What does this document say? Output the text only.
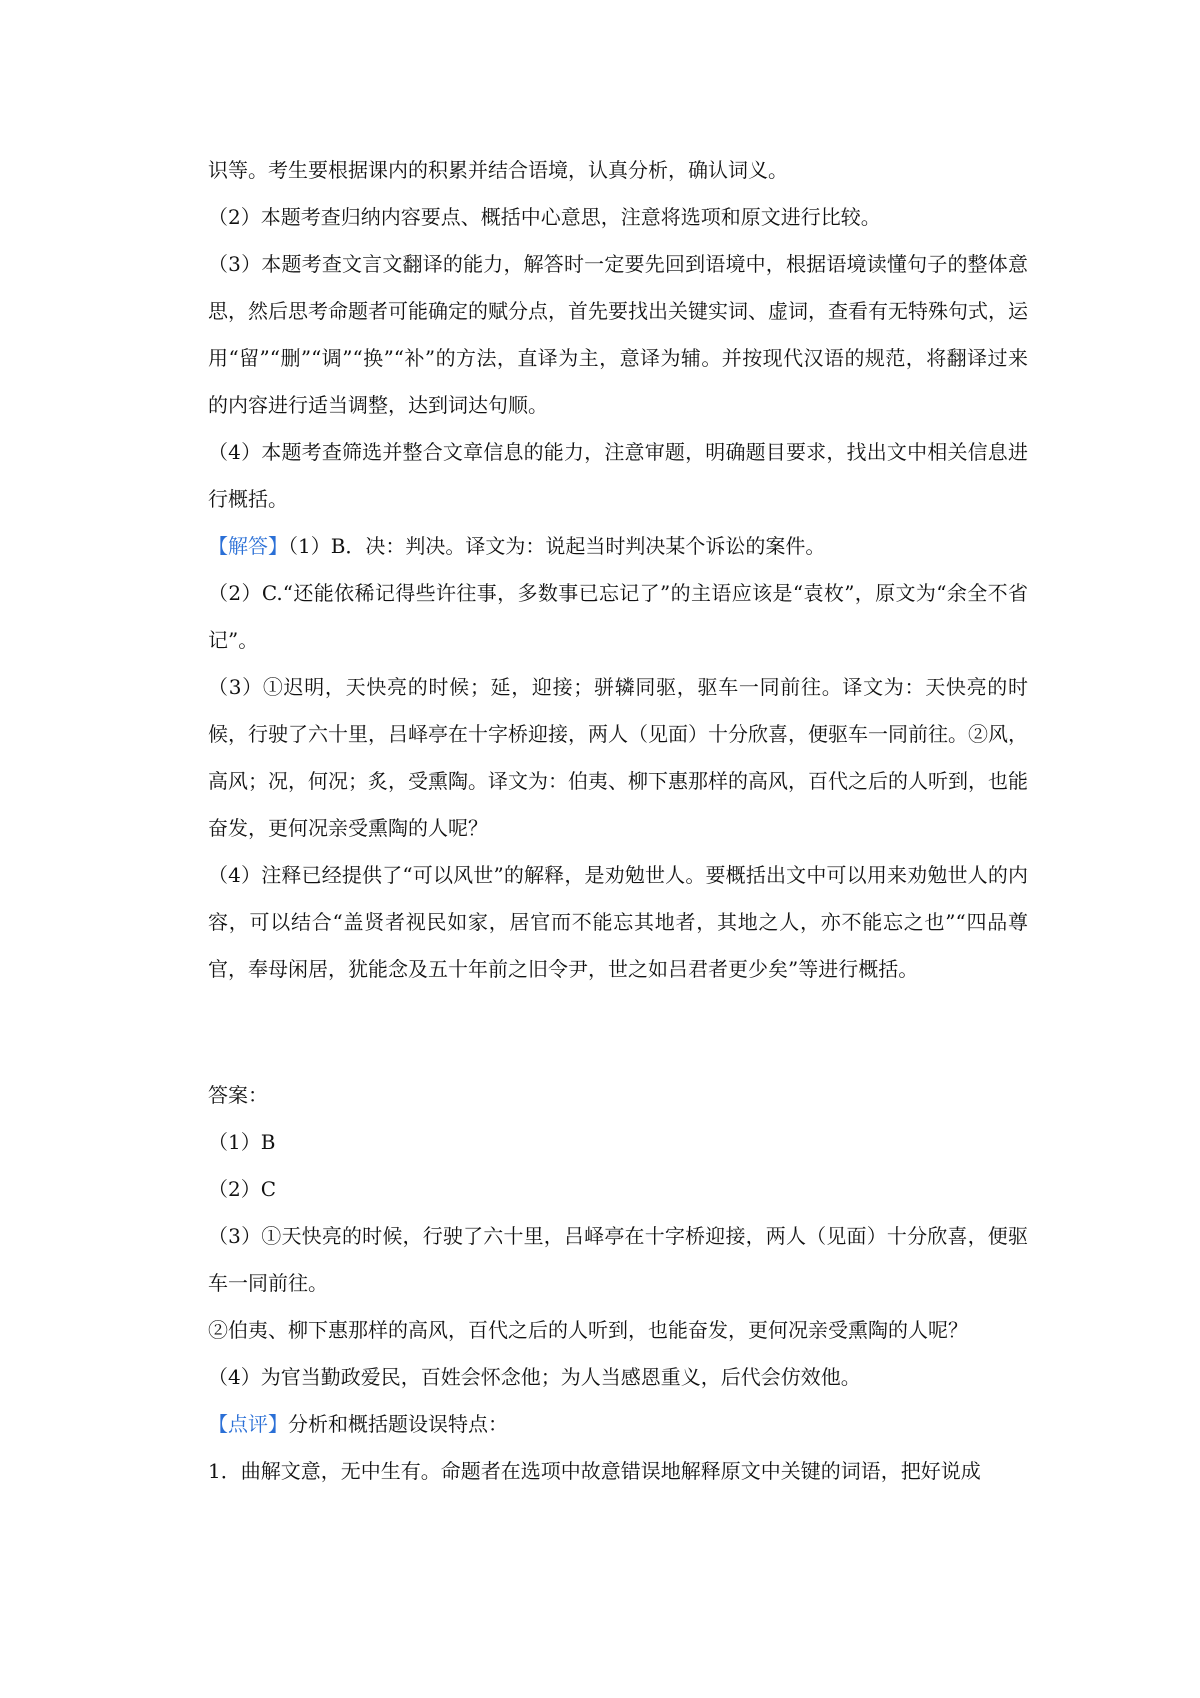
识等。考生要根据课内的积累并结合语境，认真分析，确认词义。

（2）本题考查归纳内容要点、概括中心意思，注意将选项和原文进行比较。

（3）本题考查文言文翻译的能力，解答时一定要先回到语境中，根据语境读懂句子的整体意思，然后思考命题者可能确定的赋分点，首先要找出关键实词、虚词，查看有无特殊句式，运用“留”“删”“调”“换”“补”的方法，直译为主，意译为辅。并按现代汉语的规范，将翻译过来的内容进行适当调整，达到词达句顺。

（4）本题考查筛选并整合文章信息的能力，注意审题，明确题目要求，找出文中相关信息进行概括。

【解答】（1）B．决：判决。译文为：说起当时判决某个诉讼的案件。

（2）C.“还能依稀记得些许往事，多数事已忘记了”的主语应该是“袁枚”，原文为“余全不省记”。

（3）①迟明，天快亮的时候；延，迎接；骈辚同驱，驱车一同前往。译文为：天快亮的时候，行驶了六十里，吕峄亭在十字桥迎接，两人（见面）十分欣喜，便驱车一同前往。②风，高风；况，何况；炙，受熏陶。译文为：伯夷、柳下惠那样的高风，百代之后的人听到，也能奋发，更何况亲受熏陶的人呢？

（4）注释已经提供了“可以风世”的解释，是劝勉世人。要概括出文中可以用来劝勉世人的内容，可以结合“盖贤者视民如家，居官而不能忘其地者，其地之人，亦不能忘之也”“四品尊官，奉母闲居，犹能念及五十年前之旧令尹，世之如吕君者更少矣”等进行概括。

答案：

（1）B

（2）C

（3）①天快亮的时候，行驶了六十里，吕峄亭在十字桥迎接，两人（见面）十分欣喜，便驱车一同前往。

②伯夷、柳下惠那样的高风，百代之后的人听到，也能奋发，更何况亲受熏陶的人呢？

（4）为官当勤政爱民，百姓会怀念他；为人当感恩重义，后代会仿效他。

【点评】分析和概括题设误特点：

1．曲解文意，无中生有。命题者在选项中故意错误地解释原文中关键的词语，把好说成
